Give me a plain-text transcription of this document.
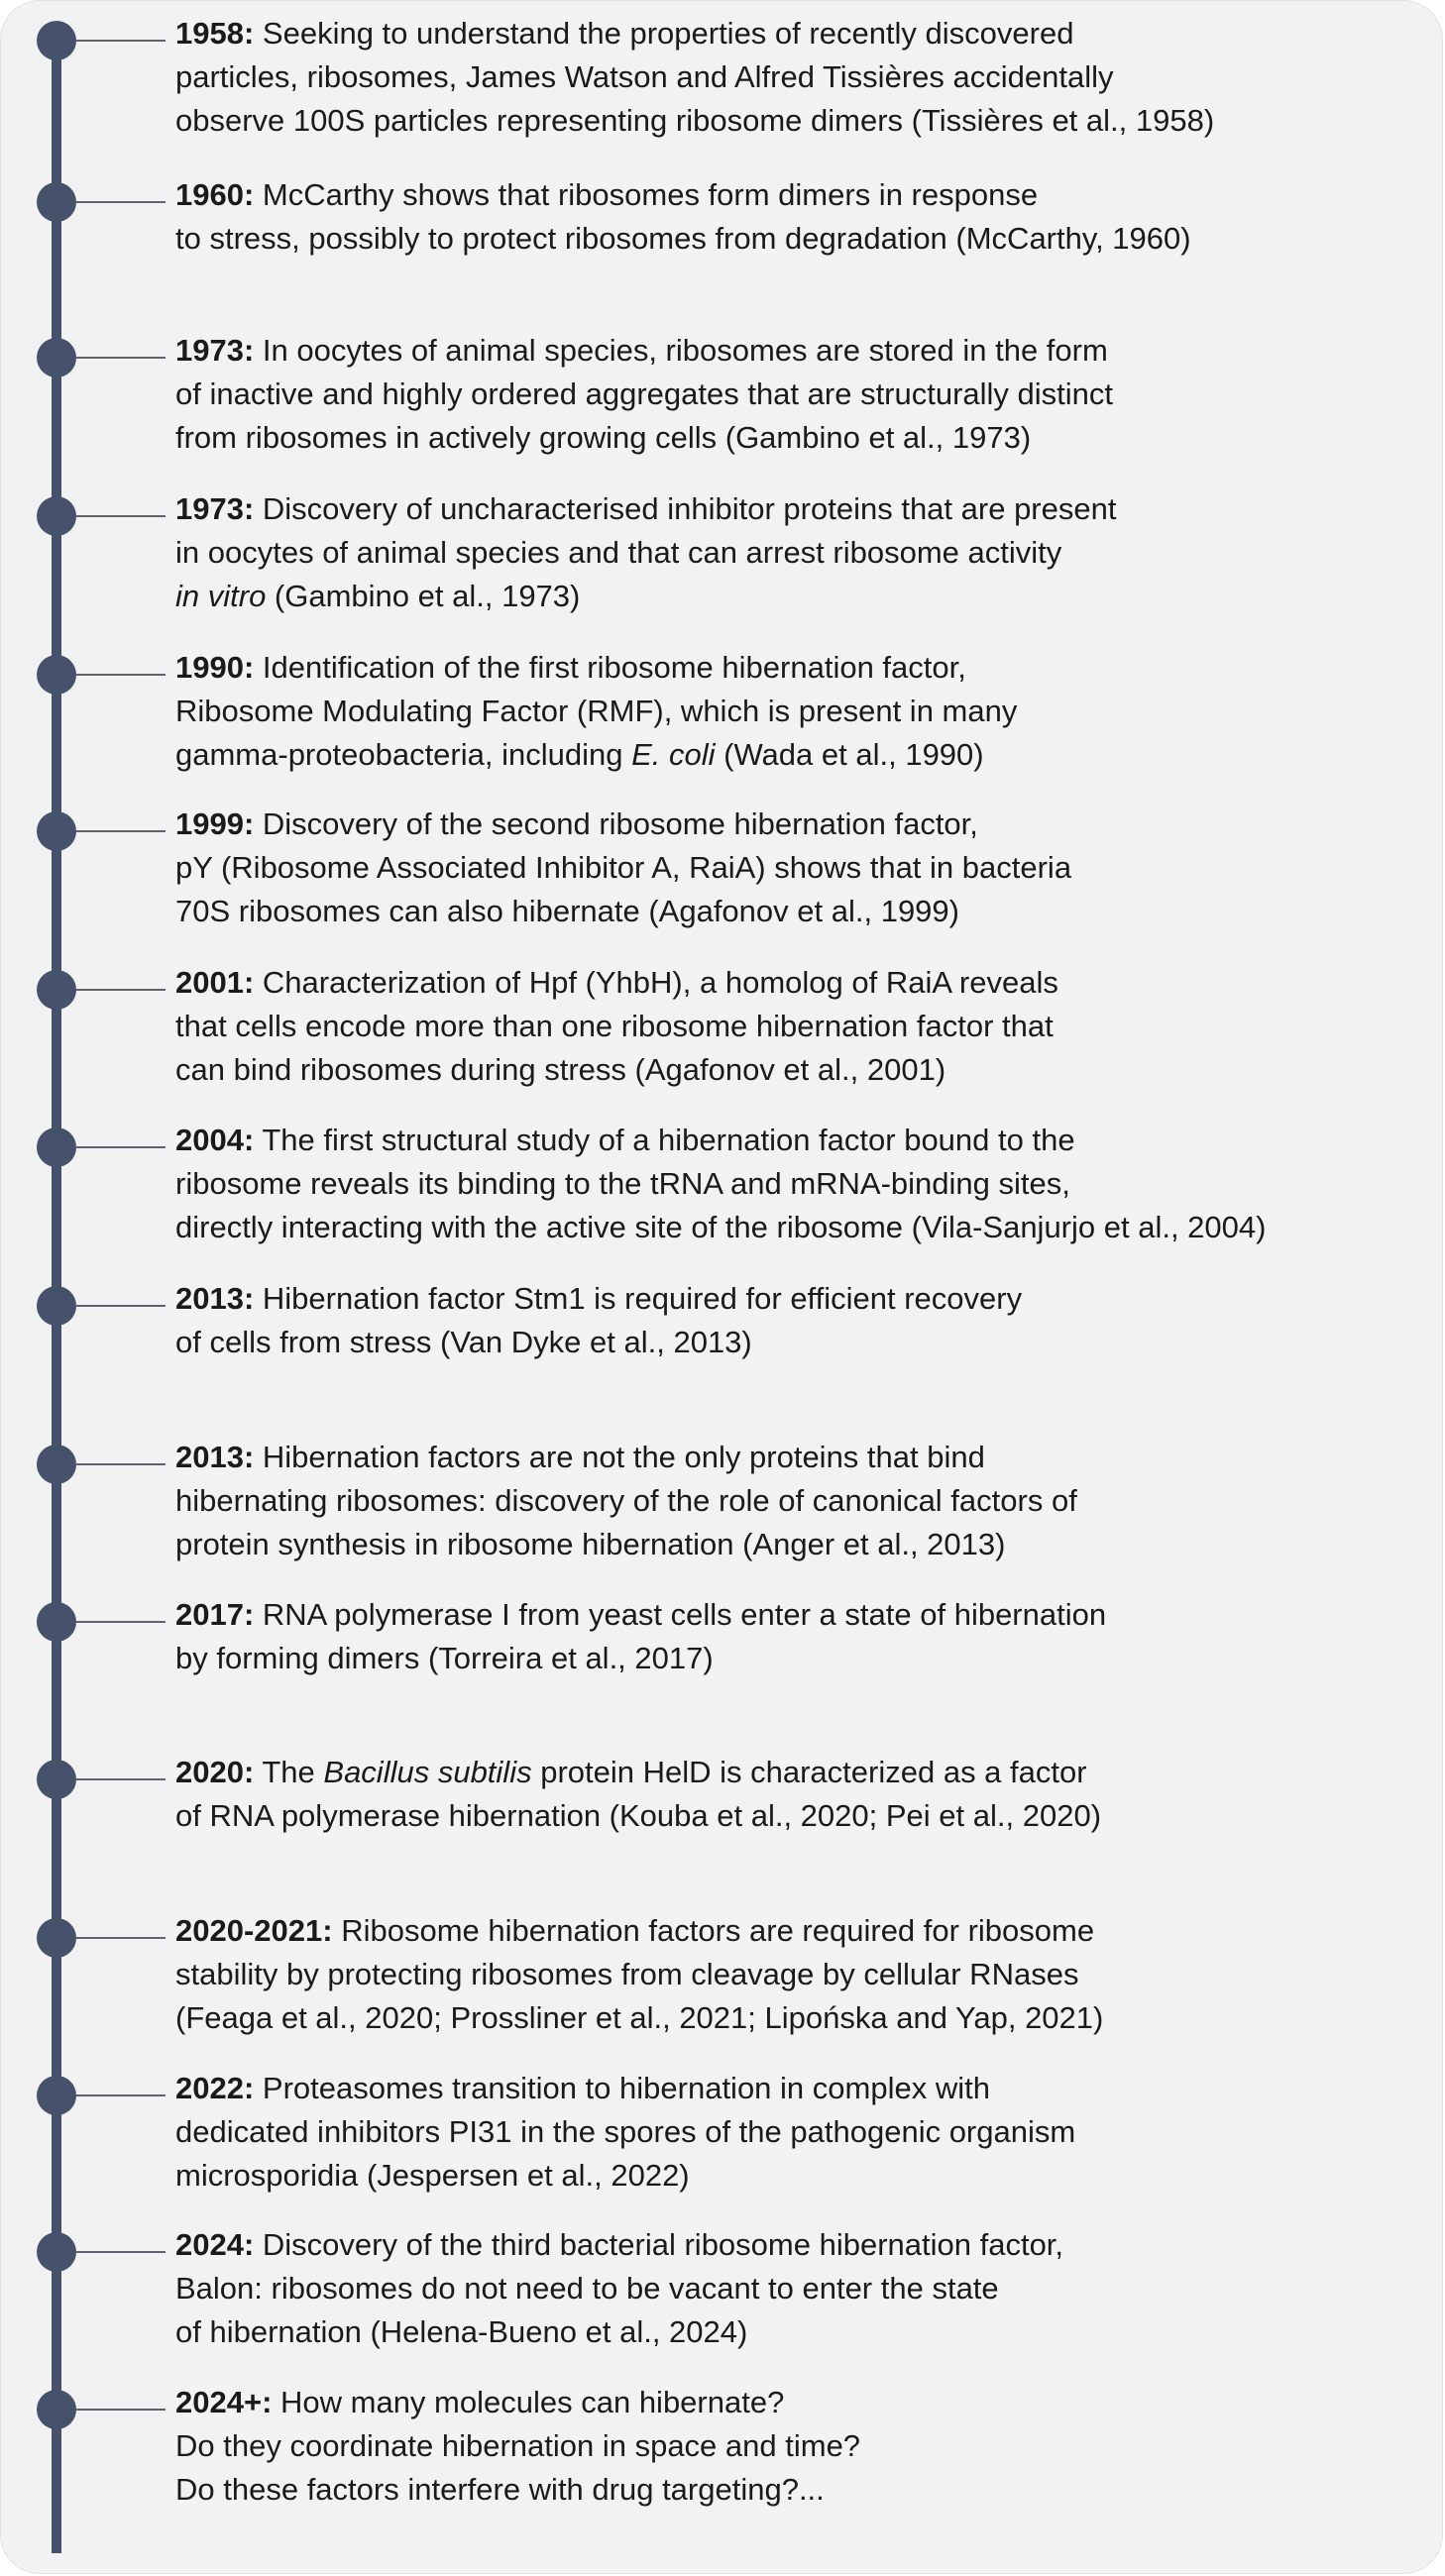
1958: Seeking to understand the properties of recently discovered
particles, ribosomes, James Watson and Alfred Tissières accidentally
observe 100S particles representing ribosome dimers (Tissières et al., 1958)
1960: McCarthy shows that ribosomes form dimers in response
to stress, possibly to protect ribosomes from degradation (McCarthy, 1960)
1973: In oocytes of animal species, ribosomes are stored in the form
of inactive and highly ordered aggregates that are structurally distinct
from ribosomes in actively growing cells (Gambino et al., 1973)
1973: Discovery of uncharacterised inhibitor proteins that are present
in oocytes of animal species and that can arrest ribosome activity
in vitro (Gambino et al., 1973)
1990: Identification of the first ribosome hibernation factor,
Ribosome Modulating Factor (RMF), which is present in many
gamma-proteobacteria, including E. coli (Wada et al., 1990)
1999: Discovery of the second ribosome hibernation factor,
pY (Ribosome Associated Inhibitor A, RaiA) shows that in bacteria
70S ribosomes can also hibernate (Agafonov et al., 1999)
2001: Characterization of Hpf (YhbH), a homolog of RaiA reveals
that cells encode more than one ribosome hibernation factor that
can bind ribosomes during stress (Agafonov et al., 2001)
2004: The first structural study of a hibernation factor bound to the
ribosome reveals its binding to the tRNA and mRNA-binding sites,
directly interacting with the active site of the ribosome (Vila-Sanjurjo et al., 2004)
2013: Hibernation factor Stm1 is required for efficient recovery
of cells from stress (Van Dyke et al., 2013)
2013: Hibernation factors are not the only proteins that bind
hibernating ribosomes: discovery of the role of canonical factors of
protein synthesis in ribosome hibernation (Anger et al., 2013)
2017: RNA polymerase I from yeast cells enter a state of hibernation
by forming dimers (Torreira et al., 2017)
2020: The Bacillus subtilis protein HelD is characterized as a factor
of RNA polymerase hibernation (Kouba et al., 2020; Pei et al., 2020)
2020-2021: Ribosome hibernation factors are required for ribosome
stability by protecting ribosomes from cleavage by cellular RNases
(Feaga et al., 2020; Prossliner et al., 2021; Lipońska and Yap, 2021)
2022: Proteasomes transition to hibernation in complex with
dedicated inhibitors PI31 in the spores of the pathogenic organism
microsporidia (Jespersen et al., 2022)
2024: Discovery of the third bacterial ribosome hibernation factor,
Balon: ribosomes do not need to be vacant to enter the state
of hibernation (Helena-Bueno et al., 2024)
2024+: How many molecules can hibernate?
Do they coordinate hibernation in space and time?
Do these factors interfere with drug targeting?...
